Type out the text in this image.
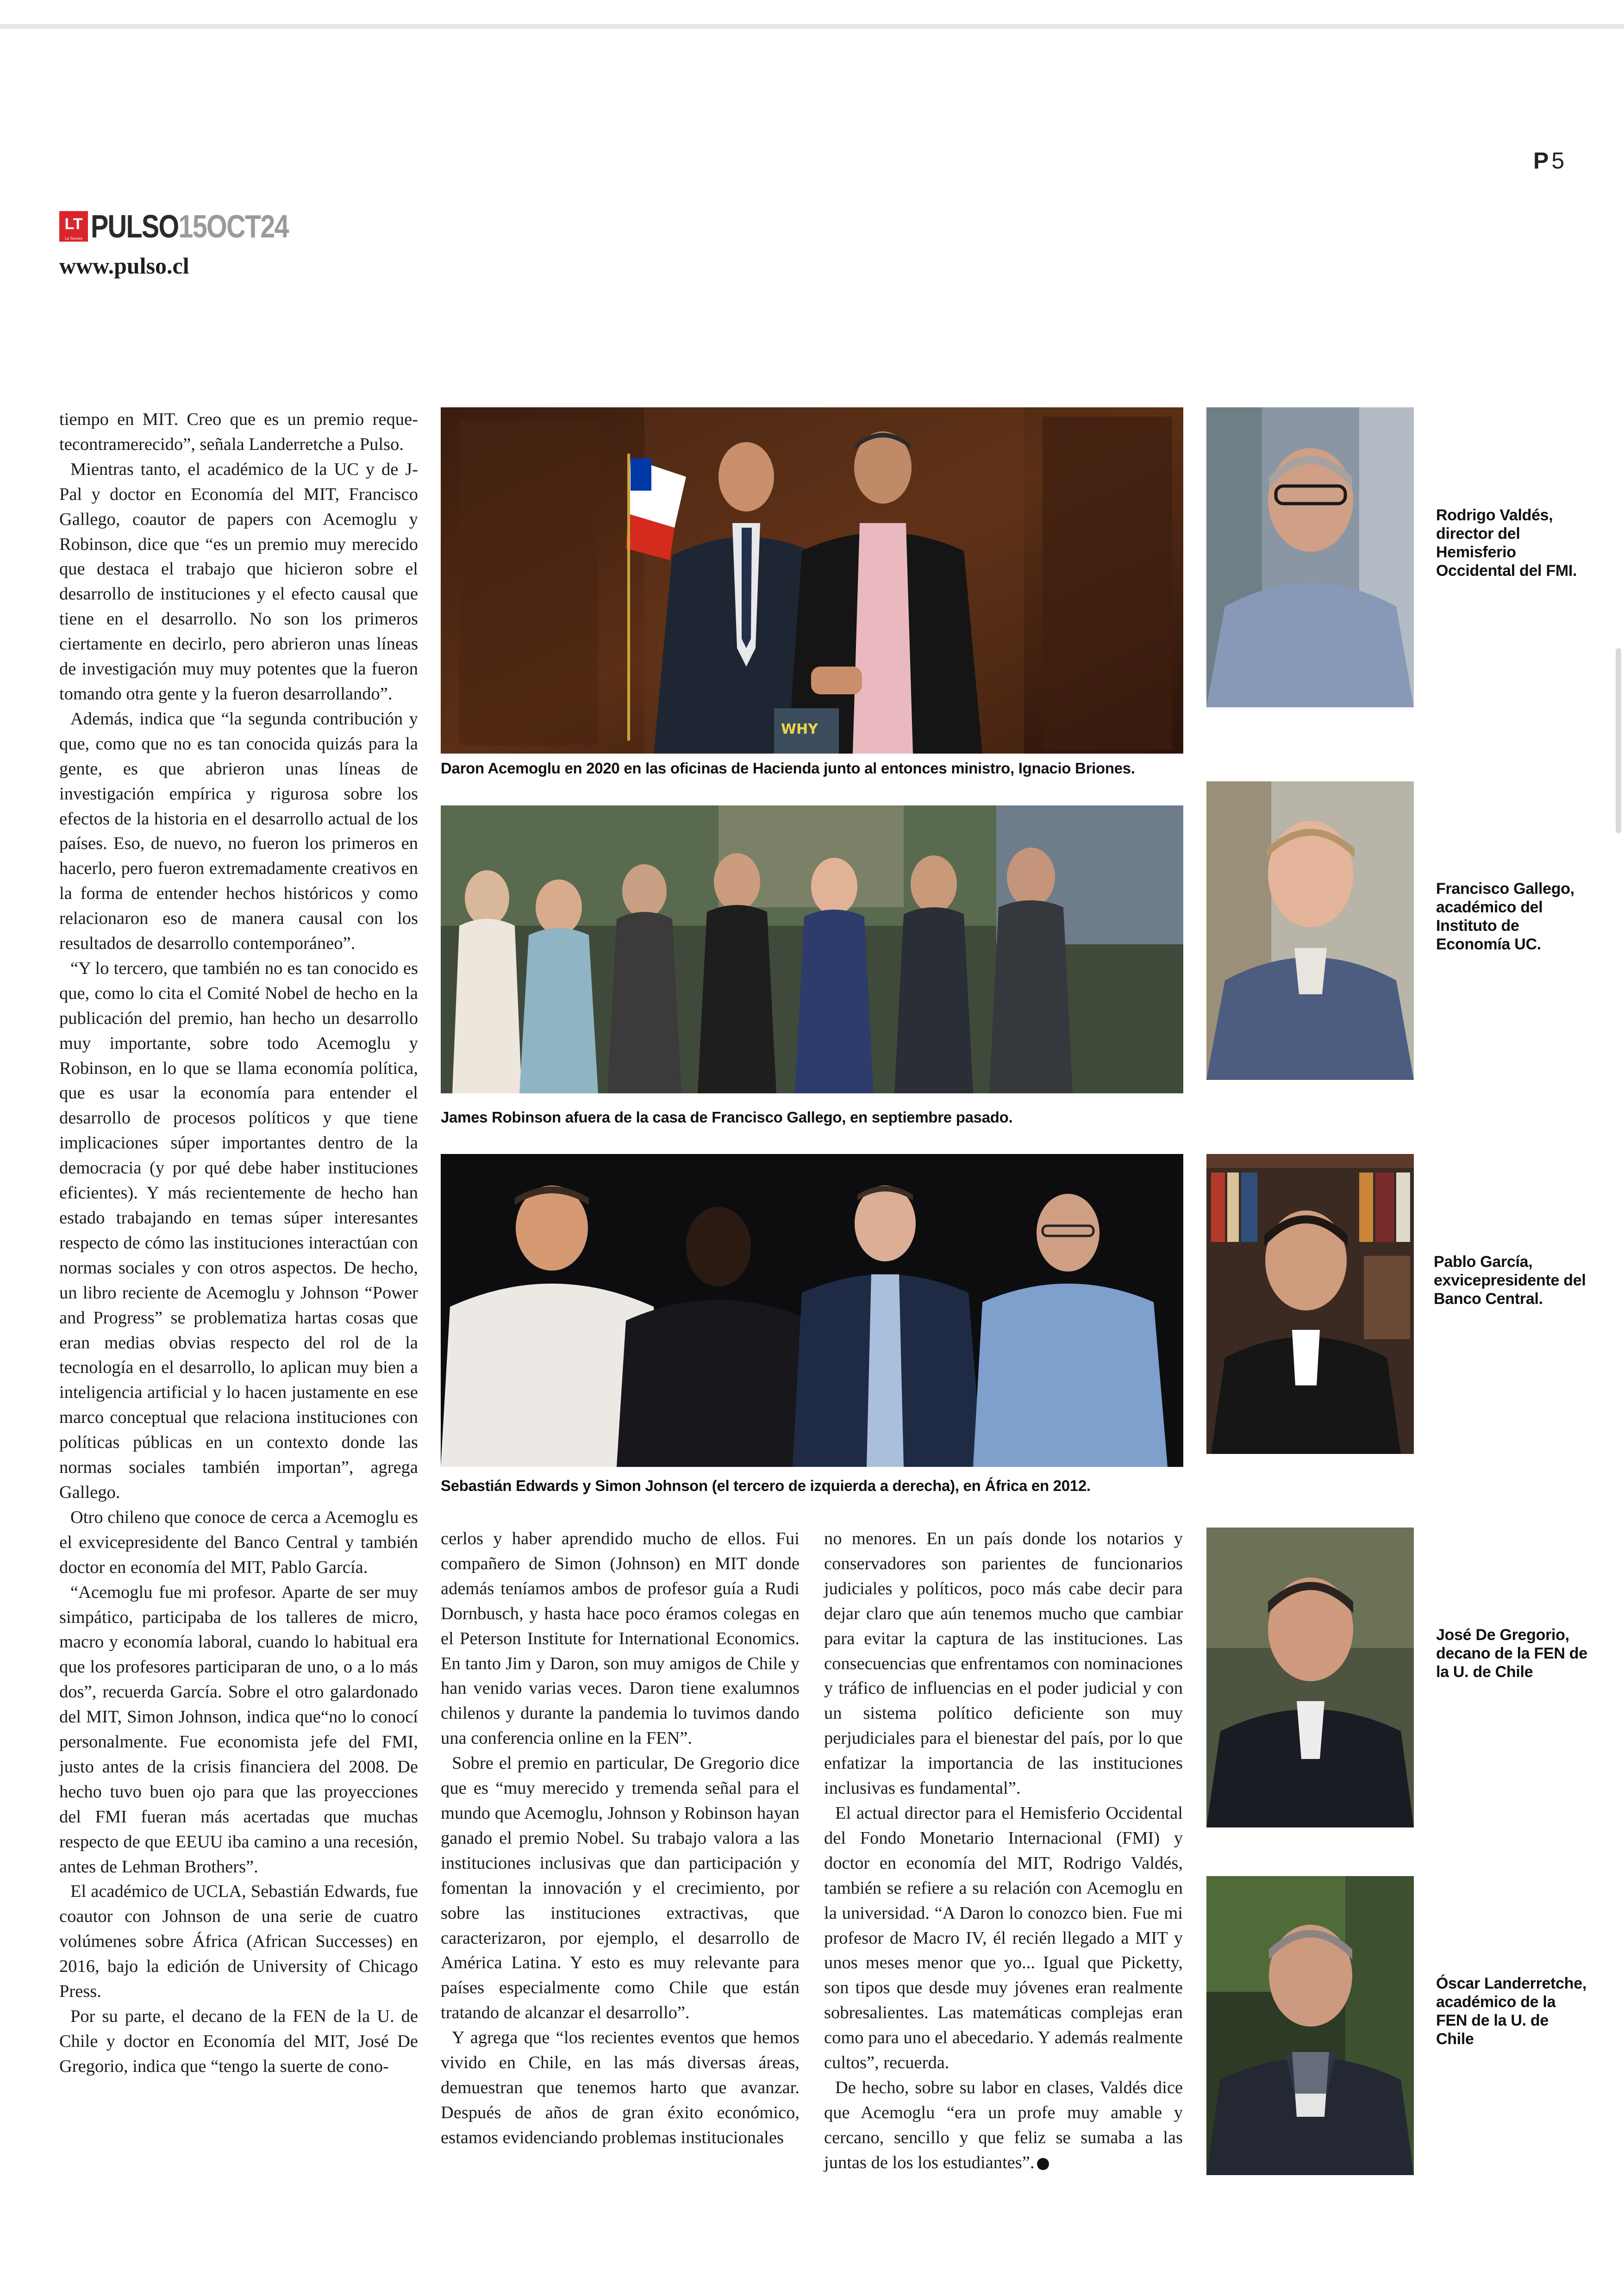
P 5
LT
La Tercera PULSO15OCT24
www.pulso.cl

tiempo en MIT. Creo que es un premio reque-tecontramerecido”, señala Landerretche a Pulso.

Mientras tanto, el académico de la UC y de J-Pal y doctor en Economía del MIT, Francisco Gallego, coautor de papers con Acemoglu y Robinson, dice que “es un premio muy merecido que destaca el trabajo que hicieron sobre el desarrollo de instituciones y el efecto causal que tiene en el desarrollo. No son los primeros ciertamente en decirlo, pero abrieron unas líneas de investigación muy muy potentes que la fueron tomando otra gente y la fueron desarrollando”.

Además, indica que “la segunda contribución y que, como que no es tan conocida quizás para la gente, es que abrieron unas líneas de investigación empírica y rigurosa sobre los efectos de la historia en el desarrollo actual de los países. Eso, de nuevo, no fueron los primeros en hacerlo, pero fueron extremadamente creativos en la forma de entender hechos históricos y como relacionaron eso de manera causal con los resultados de desarrollo contemporáneo”.

“Y lo tercero, que también no es tan conocido es que, como lo cita el Comité Nobel de hecho en la publicación del premio, han hecho un desarrollo muy importante, sobre todo Acemoglu y Robinson, en lo que se llama economía política, que es usar la economía para entender el desarrollo de procesos políticos y que tiene implicaciones súper importantes dentro de la democracia (y por qué debe haber instituciones eficientes). Y más recientemente de hecho han estado trabajando en temas súper interesantes respecto de cómo las instituciones interactúan con normas sociales y con otros aspectos. De hecho, un libro reciente de Acemoglu y Johnson “Power and Progress” se problematiza hartas cosas que eran medias obvias respecto del rol de la tecnología en el desarrollo, lo aplican muy bien a inteligencia artificial y lo hacen justamente en ese marco conceptual que relaciona instituciones con políticas públicas en un contexto donde las normas sociales también importan”, agrega Gallego.

Otro chileno que conoce de cerca a Acemoglu es el exvicepresidente del Banco Central y también doctor en economía del MIT, Pablo García.

“Acemoglu fue mi profesor. Aparte de ser muy simpático, participaba de los talleres de micro, macro y economía laboral, cuando lo habitual era que los profesores participaran de uno, o a lo más dos”, recuerda García. Sobre el otro galardonado del MIT, Simon Johnson, indica que“no lo conocí personalmente. Fue economista jefe del FMI, justo antes de la crisis financiera del 2008. De hecho tuvo buen ojo para que las proyecciones del FMI fueran más acertadas que muchas respecto de que EEUU iba camino a una recesión, antes de Lehman Brothers”.

El académico de UCLA, Sebastián Edwards, fue coautor con Johnson de una serie de cuatro volúmenes sobre África (African Successes) en 2016, bajo la edición de University of Chicago Press.

Por su parte, el decano de la FEN de la U. de Chile y doctor en Economía del MIT, José De Gregorio, indica que “tengo la suerte de cono-

cerlos y haber aprendido mucho de ellos. Fui compañero de Simon (Johnson) en MIT donde además teníamos ambos de profesor guía a Rudi Dornbusch, y hasta hace poco éramos colegas en el Peterson Institute for International Economics. En tanto Jim y Daron, son muy amigos de Chile y han venido varias veces. Daron tiene exalumnos chilenos y durante la pandemia lo tuvimos dando una conferencia online en la FEN”.

Sobre el premio en particular, De Gregorio dice que es “muy merecido y tremenda señal para el mundo que Acemoglu, Johnson y Robinson hayan ganado el premio Nobel. Su trabajo valora a las instituciones inclusivas que dan participación y fomentan la innovación y el crecimiento, por sobre las instituciones extractivas, que caracterizaron, por ejemplo, el desarrollo de América Latina. Y esto es muy relevante para países especialmente como Chile que están tratando de alcanzar el desarrollo”.

Y agrega que “los recientes eventos que hemos vivido en Chile, en las más diversas áreas, demuestran que tenemos harto que avanzar. Después de años de gran éxito económico, estamos evidenciando problemas institucionales

no menores. En un país donde los notarios y conservadores son parientes de funcionarios judiciales y políticos, poco más cabe decir para dejar claro que aún tenemos mucho que cambiar para evitar la captura de las instituciones. Las consecuencias que enfrentamos con nominaciones y tráfico de influencias en el poder judicial y con un sistema político deficiente son muy perjudiciales para el bienestar del país, por lo que enfatizar la importancia de las instituciones inclusivas es fundamental”.

El actual director para el Hemisferio Occidental del Fondo Monetario Internacional (FMI) y doctor en economía del MIT, Rodrigo Valdés, también se refiere a su relación con Acemoglu en la universidad. “A Daron lo conozco bien. Fue mi profesor de Macro IV, él recién llegado a MIT y unos meses menor que yo... Igual que Picketty, son tipos que desde muy jóvenes eran realmente sobresalientes. Las matemáticas complejas eran como para uno el abecedario. Y además realmente cultos”, recuerda.

De hecho, sobre su labor en clases, Valdés dice que Acemoglu “era un profe muy amable y cercano, sencillo y que feliz se sumaba a las juntas de los los estudiantes”. P

WHY
Daron Acemoglu en 2020 en las oficinas de Hacienda junto al entonces ministro, Ignacio Briones.
James Robinson afuera de la casa de Francisco Gallego, en septiembre pasado.
Sebastián Edwards y Simon Johnson (el tercero de izquierda a derecha), en África en 2012.
Rodrigo Valdés, director del Hemisferio Occidental del FMI.
Francisco Gallego, académico del Instituto de Economía UC.
Pablo García, exvicepresidente del Banco Central.
José De Gregorio, decano de la FEN de la U. de Chile
Óscar Landerretche, académico de la FEN de la U. de Chile
